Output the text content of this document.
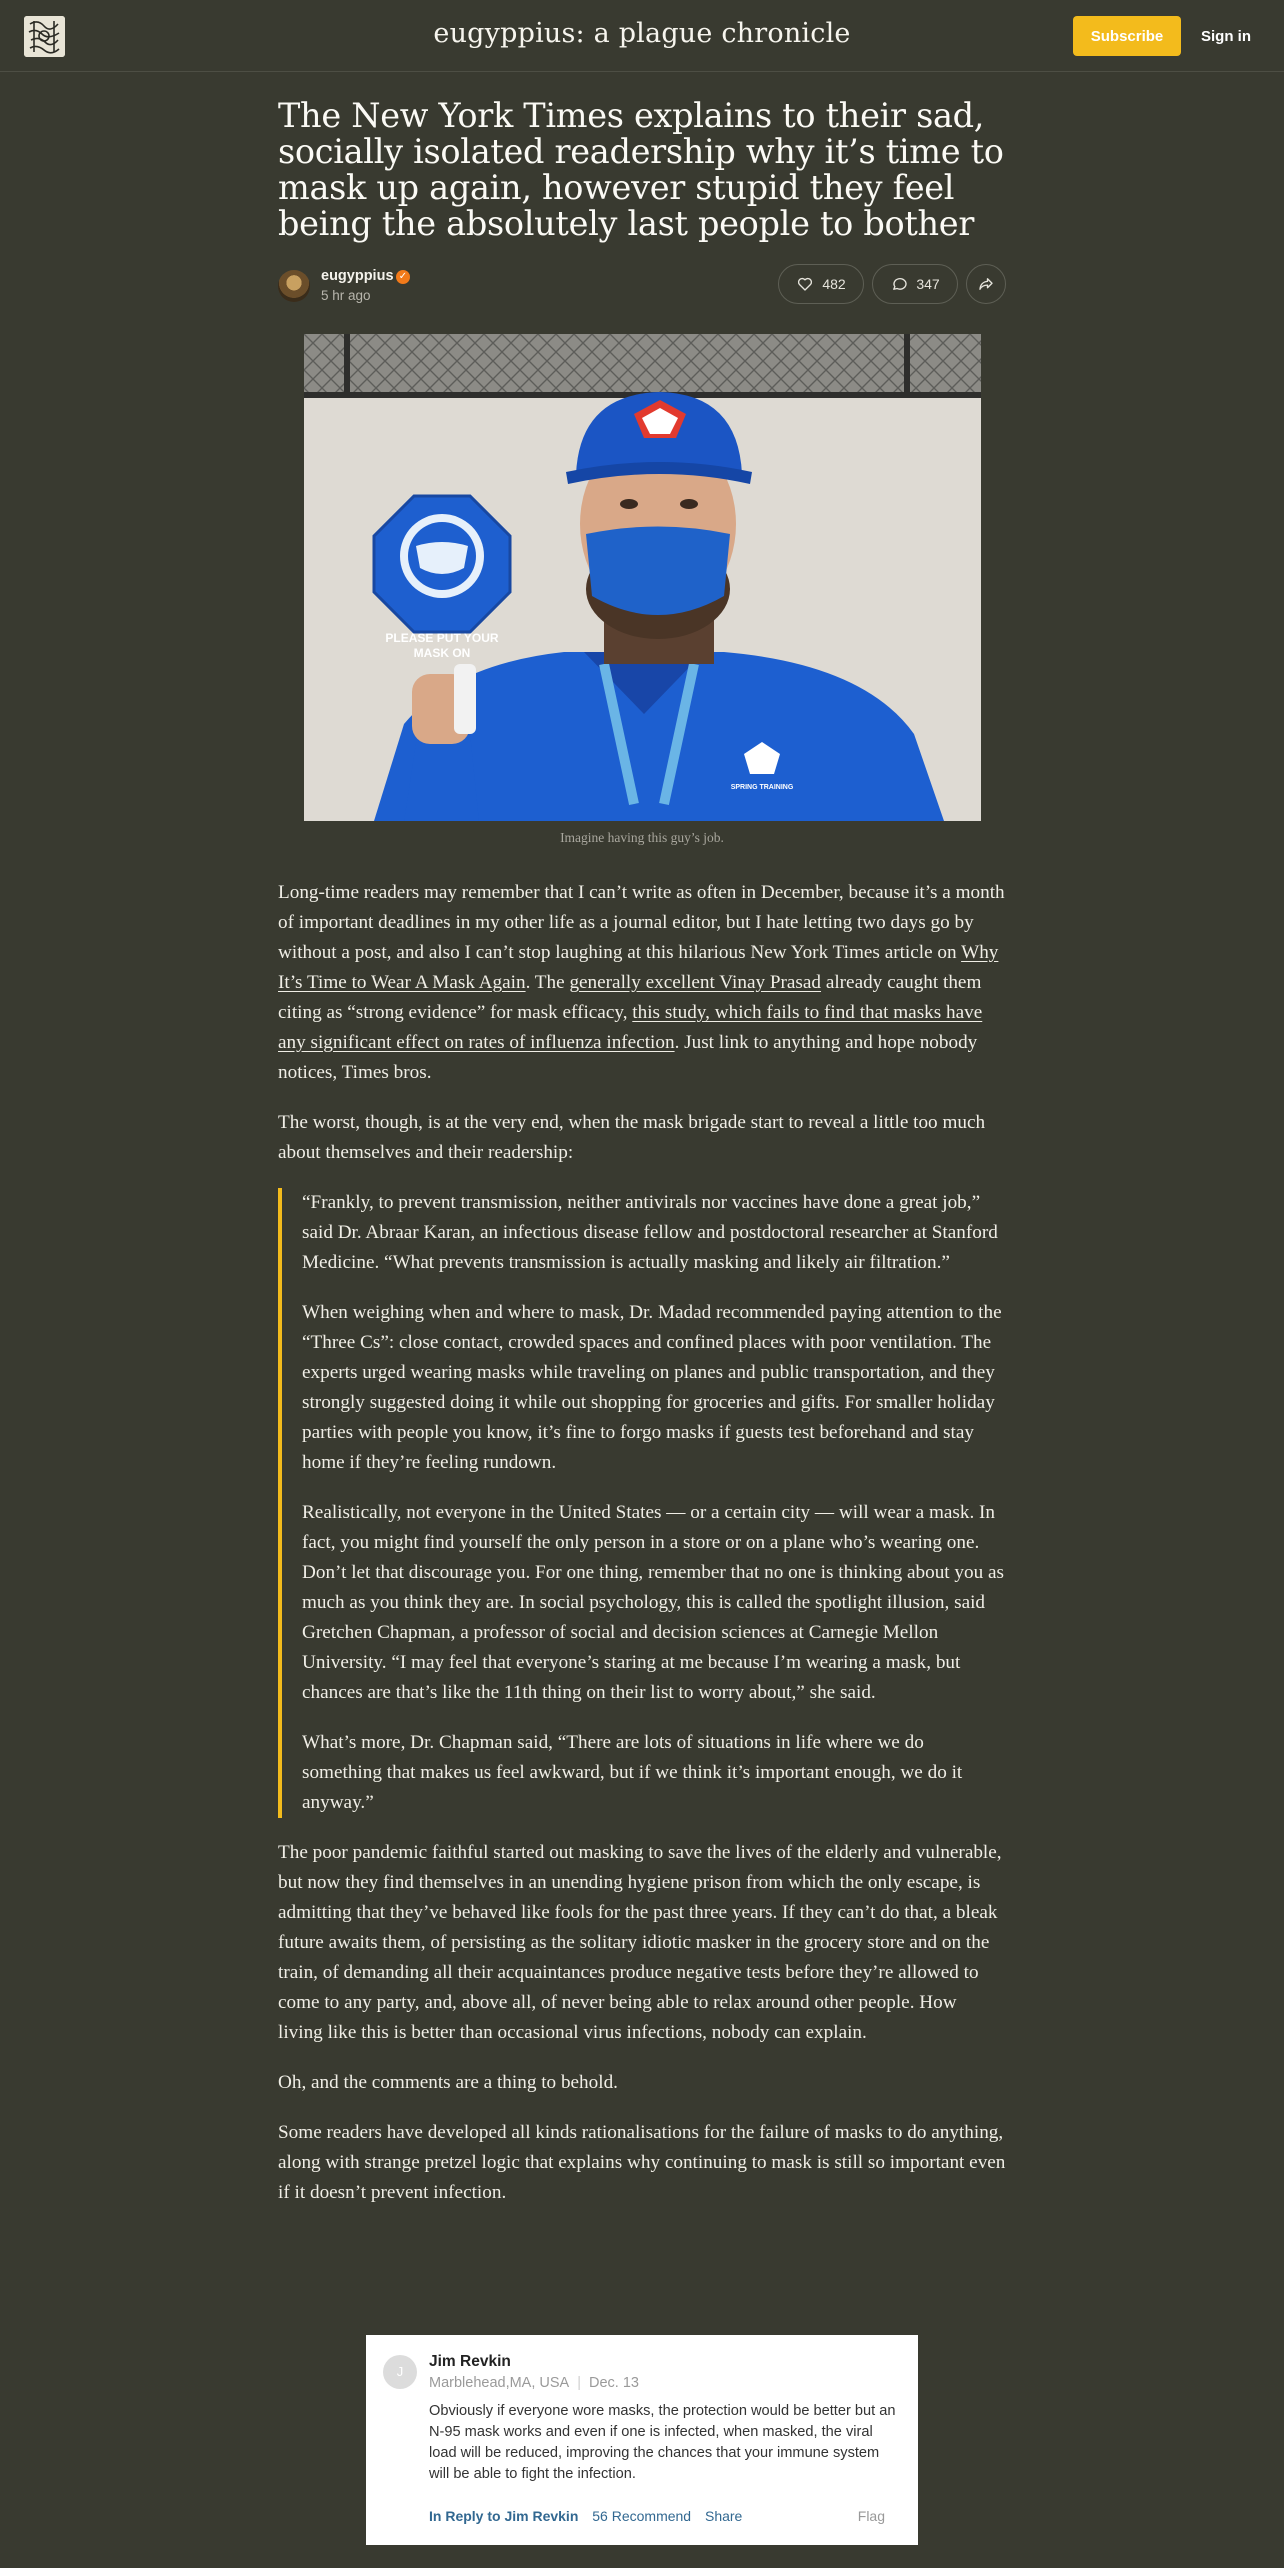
eugyppius: a plague chronicle	Subscribe	Sign in
The New York Times explains to their sad, socially isolated readership why it’s time to mask up again, however stupid they feel being the absolutely last people to bother
eugyppius ✓
5 hr ago
482	347
PLEASE PUT YOUR
MASK ON
SPRING TRAINING
Imagine having this guy’s job.

Long-time readers may remember that I can’t write as often in December, because it’s a month of important deadlines in my other life as a journal editor, but I hate letting two days go by without a post, and also I can’t stop laughing at this hilarious New York Times article on Why It’s Time to Wear A Mask Again. The generally excellent Vinay Prasad already caught them citing as “strong evidence” for mask efficacy, this study, which fails to find that masks have any significant effect on rates of influenza infection. Just link to anything and hope nobody notices, Times bros.

The worst, though, is at the very end, when the mask brigade start to reveal a little too much about themselves and their readership:

“Frankly, to prevent transmission, neither antivirals nor vaccines have done a great job,” said Dr. Abraar Karan, an infectious disease fellow and postdoctoral researcher at Stanford Medicine. “What prevents transmission is actually masking and likely air filtration.”

When weighing when and where to mask, Dr. Madad recommended paying attention to the “Three Cs”: close contact, crowded spaces and confined places with poor ventilation. The experts urged wearing masks while traveling on planes and public transportation, and they strongly suggested doing it while out shopping for groceries and gifts. For smaller holiday parties with people you know, it’s fine to forgo masks if guests test beforehand and stay home if they’re feeling rundown.

Realistically, not everyone in the United States — or a certain city — will wear a mask. In fact, you might find yourself the only person in a store or on a plane who’s wearing one. Don’t let that discourage you. For one thing, remember that no one is thinking about you as much as you think they are. In social psychology, this is called the spotlight illusion, said Gretchen Chapman, a professor of social and decision sciences at Carnegie Mellon University. “I may feel that everyone’s staring at me because I’m wearing a mask, but chances are that’s like the 11th thing on their list to worry about,” she said.

What’s more, Dr. Chapman said, “There are lots of situations in life where we do something that makes us feel awkward, but if we think it’s important enough, we do it anyway.”

The poor pandemic faithful started out masking to save the lives of the elderly and vulnerable, but now they find themselves in an unending hygiene prison from which the only escape, is admitting that they’ve behaved like fools for the past three years. If they can’t do that, a bleak future awaits them, of persisting as the solitary idiotic masker in the grocery store and on the train, of demanding all their acquaintances produce negative tests before they’re allowed to come to any party, and, above all, of never being able to relax around other people. How living like this is better than occasional virus infections, nobody can explain.

Oh, and the comments are a thing to behold.

Some readers have developed all kinds rationalisations for the failure of masks to do anything, along with strange pretzel logic that explains why continuing to mask is still so important even if it doesn’t prevent infection.

J
Jim Revkin
Marblehead,MA, USA | Dec. 13
Obviously if everyone wore masks, the protection would be better but an N-95 mask works and even if one is infected, when masked, the viral load will be reduced, improving the chances that your immune system will be able to fight the infection.
In Reply to Jim Revkin 56 Recommend Share	Flag
